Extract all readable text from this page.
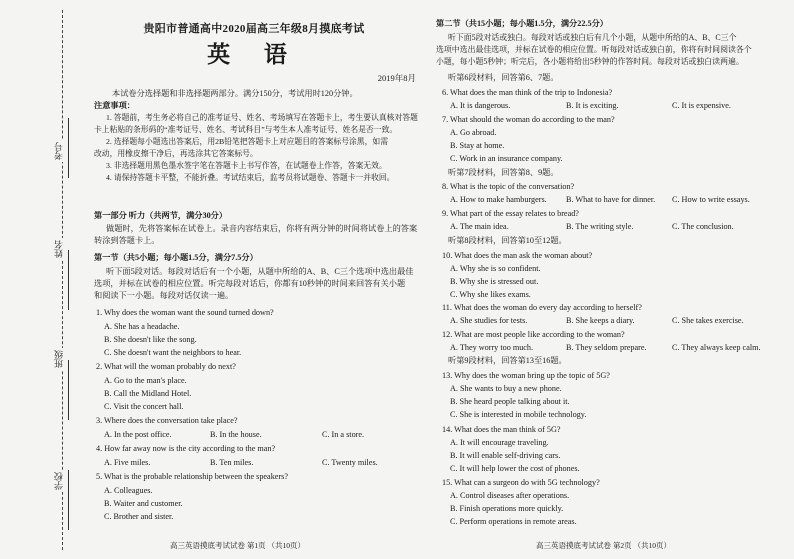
考号
姓名
班级
学校
贵阳市普通高中2020届高三年级8月摸底考试
英 语
2019年8月
本试卷分选择题和非选择题两部分。满分150分，考试用时120分钟。
注意事项：
1. 答题前，考生务必将自己的准考证号、姓名、考场填写在答题卡上，考生要认真核对答题
卡上粘贴的条形码的“准考证号、姓名、考试科目”与考生本人准考证号、姓名是否一致。
2. 选择题每小题选出答案后，用2B铅笔把答题卡上对应题目的答案标号涂黑，如需
改动，用橡皮擦干净后，再选涂其它答案标号。
3. 非选择题用黑色墨水签字笔在答题卡上书写作答，在试题卷上作答，答案无效。
4. 请保持答题卡平整，不能折叠。考试结束后，监考员将试题卷、答题卡一并收回。
第一部分 听力（共两节，满分30分）
做题时，先将答案标在试卷上。录音内容结束后，你将有两分钟的时间将试卷上的答案
转涂到答题卡上。
第一节（共5小题；每小题1.5分，满分7.5分）
听下面5段对话。每段对话后有一个小题，从题中所给的A、B、C三个选项中选出最佳
选项，并标在试卷的相应位置。听完每段对话后，你都有10秒钟的时间来回答有关小题
和阅读下一小题。每段对话仅读一遍。
1. Why does the woman want the sound turned down?
A. She has a headache.
B. She doesn't like the song.
C. She doesn't want the neighbors to hear.
2. What will the woman probably do next?
A. Go to the man's place.
B. Call the Midland Hotel.
C. Visit the concert hall.
3. Where does the conversation take place?
A. In the post office.	B. In the house.	C. In a store.
4. How far away now is the city according to the man?
A. Five miles.	B. Ten miles.	C. Twenty miles.
5. What is the probable relationship between the speakers?
A. Colleagues.
B. Waiter and customer.
C. Brother and sister.
高三英语摸底考试试卷 第1页 （共10页）
第二节（共15小题；每小题1.5分，满分22.5分）
听下面5段对话或独白。每段对话或独白后有几个小题，从题中所给的A、B、C三个
选项中选出最佳选项，并标在试卷的相应位置。听每段对话或独白前，你将有时间阅读各个
小题，每小题5秒钟；听完后，各小题将给出5秒钟的作答时间。每段对话或独白读两遍。
听第6段材料，回答第6、7题。
6. What does the man think of the trip to Indonesia?
A. It is dangerous.	B. It is exciting.	C. It is expensive.
7. What should the woman do according to the man?
A. Go abroad.
B. Stay at home.
C. Work in an insurance company.
听第7段材料，回答第8、9题。
8. What is the topic of the conversation?
A. How to make hamburgers. B. What to have for dinner. C. How to write essays.
9. What part of the essay relates to bread?
A. The main idea.	B. The writing style.	C. The conclusion.
听第8段材料，回答第10至12题。
10. What does the man ask the woman about?
A. Why she is so confident.
B. Why she is stressed out.
C. Why she likes exams.
11. What does the woman do every day according to herself?
A. She studies for tests.	B. She keeps a diary.	C. She takes exercise.
12. What are most people like according to the woman?
A. They worry too much.	B. They seldom prepare.	C. They always keep calm.
听第9段材料，回答第13至16题。
13. Why does the woman bring up the topic of 5G?
A. She wants to buy a new phone.
B. She heard people talking about it.
C. She is interested in mobile technology.
14. What does the man think of 5G?
A. It will encourage traveling.
B. It will enable self-driving cars.
C. It will help lower the cost of phones.
15. What can a surgeon do with 5G technology?
A. Control diseases after operations.
B. Finish operations more quickly.
C. Perform operations in remote areas.
高三英语摸底考试试卷 第2页 （共10页）
